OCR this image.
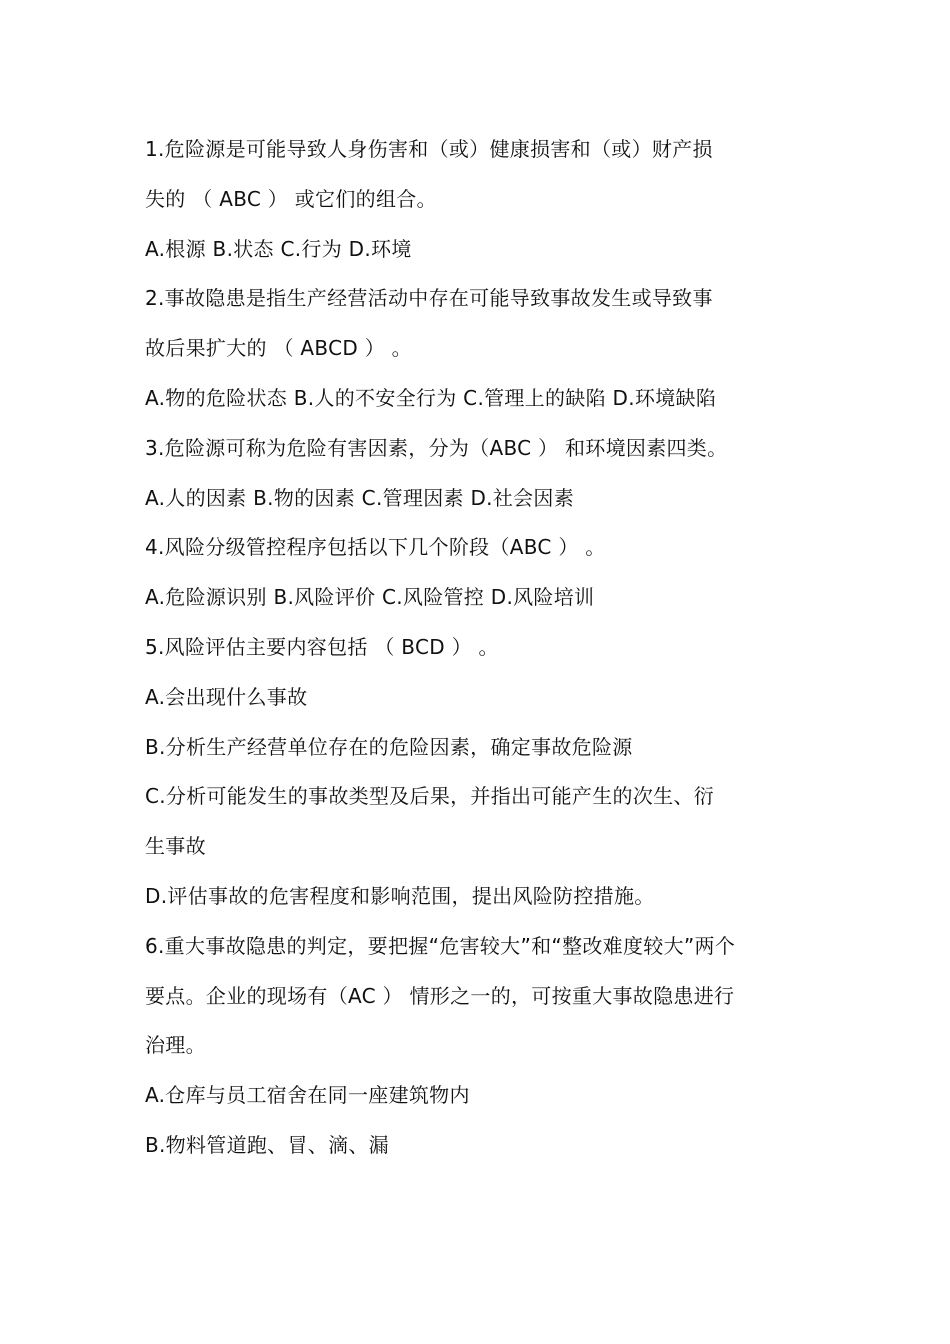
1.危险源是可能导致人身伤害和（或）健康损害和（或）财产损
失的 （ ABC ） 或它们的组合。
A.根源 B.状态 C.行为 D.环境
2.事故隐患是指生产经营活动中存在可能导致事故发生或导致事
故后果扩大的 （ ABCD ） 。
A.物的危险状态 B.人的不安全行为 C.管理上的缺陷 D.环境缺陷
3.危险源可称为危险有害因素，分为（ABC ） 和环境因素四类。
A.人的因素 B.物的因素 C.管理因素 D.社会因素
4.风险分级管控程序包括以下几个阶段（ABC ） 。
A.危险源识别 B.风险评价 C.风险管控 D.风险培训
5.风险评估主要内容包括 （ BCD ） 。
A.会出现什么事故
B.分析生产经营单位存在的危险因素，确定事故危险源
C.分析可能发生的事故类型及后果，并指出可能产生的次生、衍
生事故
D.评估事故的危害程度和影响范围，提出风险防控措施。
6.重大事故隐患的判定，要把握“危害较大”和“整改难度较大”两个
要点。企业的现场有（AC ） 情形之一的，可按重大事故隐患进行
治理。
A.仓库与员工宿舍在同一座建筑物内
B.物料管道跑、冒、滴、漏
